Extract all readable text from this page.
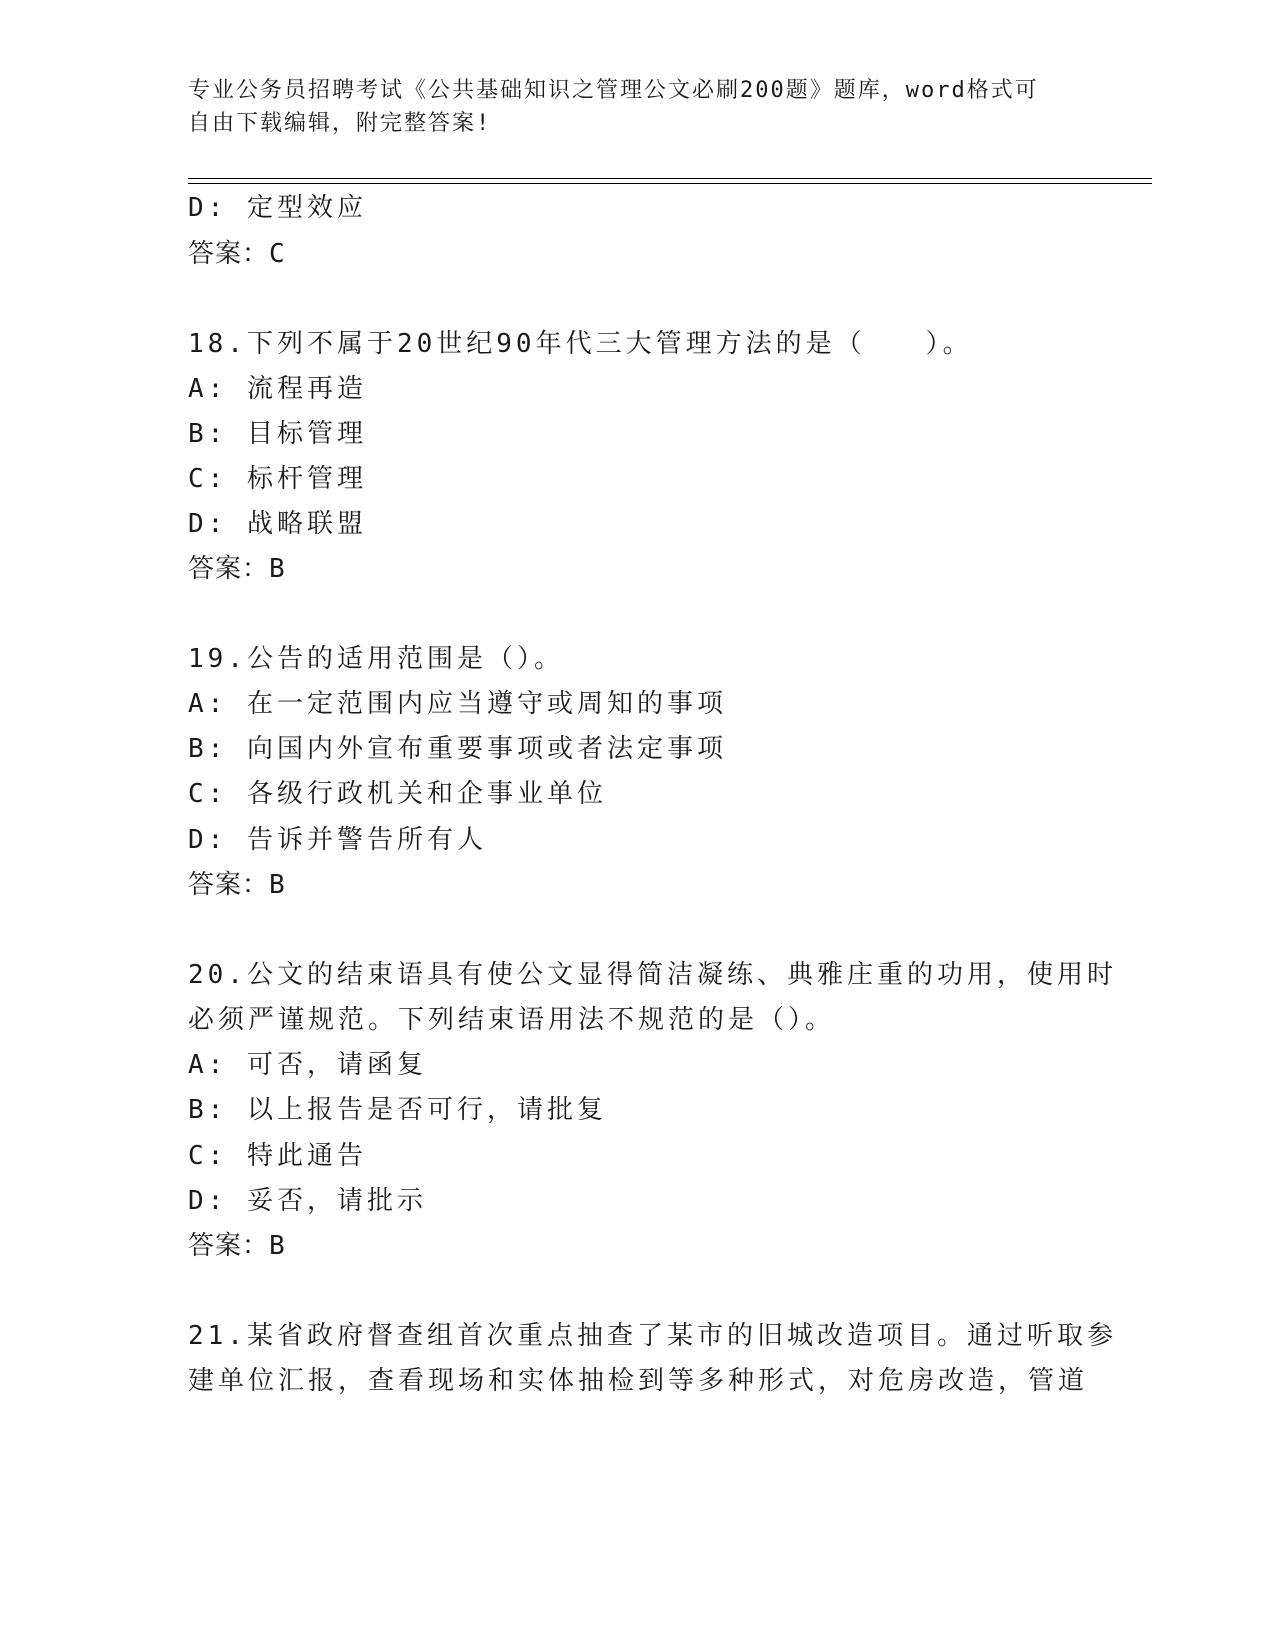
专业公务员招聘考试《公共基础知识之管理公文必刷200题》题库，word格式可
自由下载编辑，附完整答案!
D: 定型效应
答案：C
18.下列不属于20世纪90年代三大管理方法的是（　　）。
A: 流程再造
B: 目标管理
C: 标杆管理
D: 战略联盟
答案：B
19.公告的适用范围是（）。
A: 在一定范围内应当遵守或周知的事项
B: 向国内外宣布重要事项或者法定事项
C: 各级行政机关和企事业单位
D: 告诉并警告所有人
答案：B
20.公文的结束语具有使公文显得简洁凝练、典雅庄重的功用，使用时
必须严谨规范。下列结束语用法不规范的是（）。
A: 可否，请函复
B: 以上报告是否可行，请批复
C: 特此通告
D: 妥否，请批示
答案：B
21.某省政府督查组首次重点抽查了某市的旧城改造项目。通过听取参
建单位汇报，查看现场和实体抽检到等多种形式，对危房改造，管道
